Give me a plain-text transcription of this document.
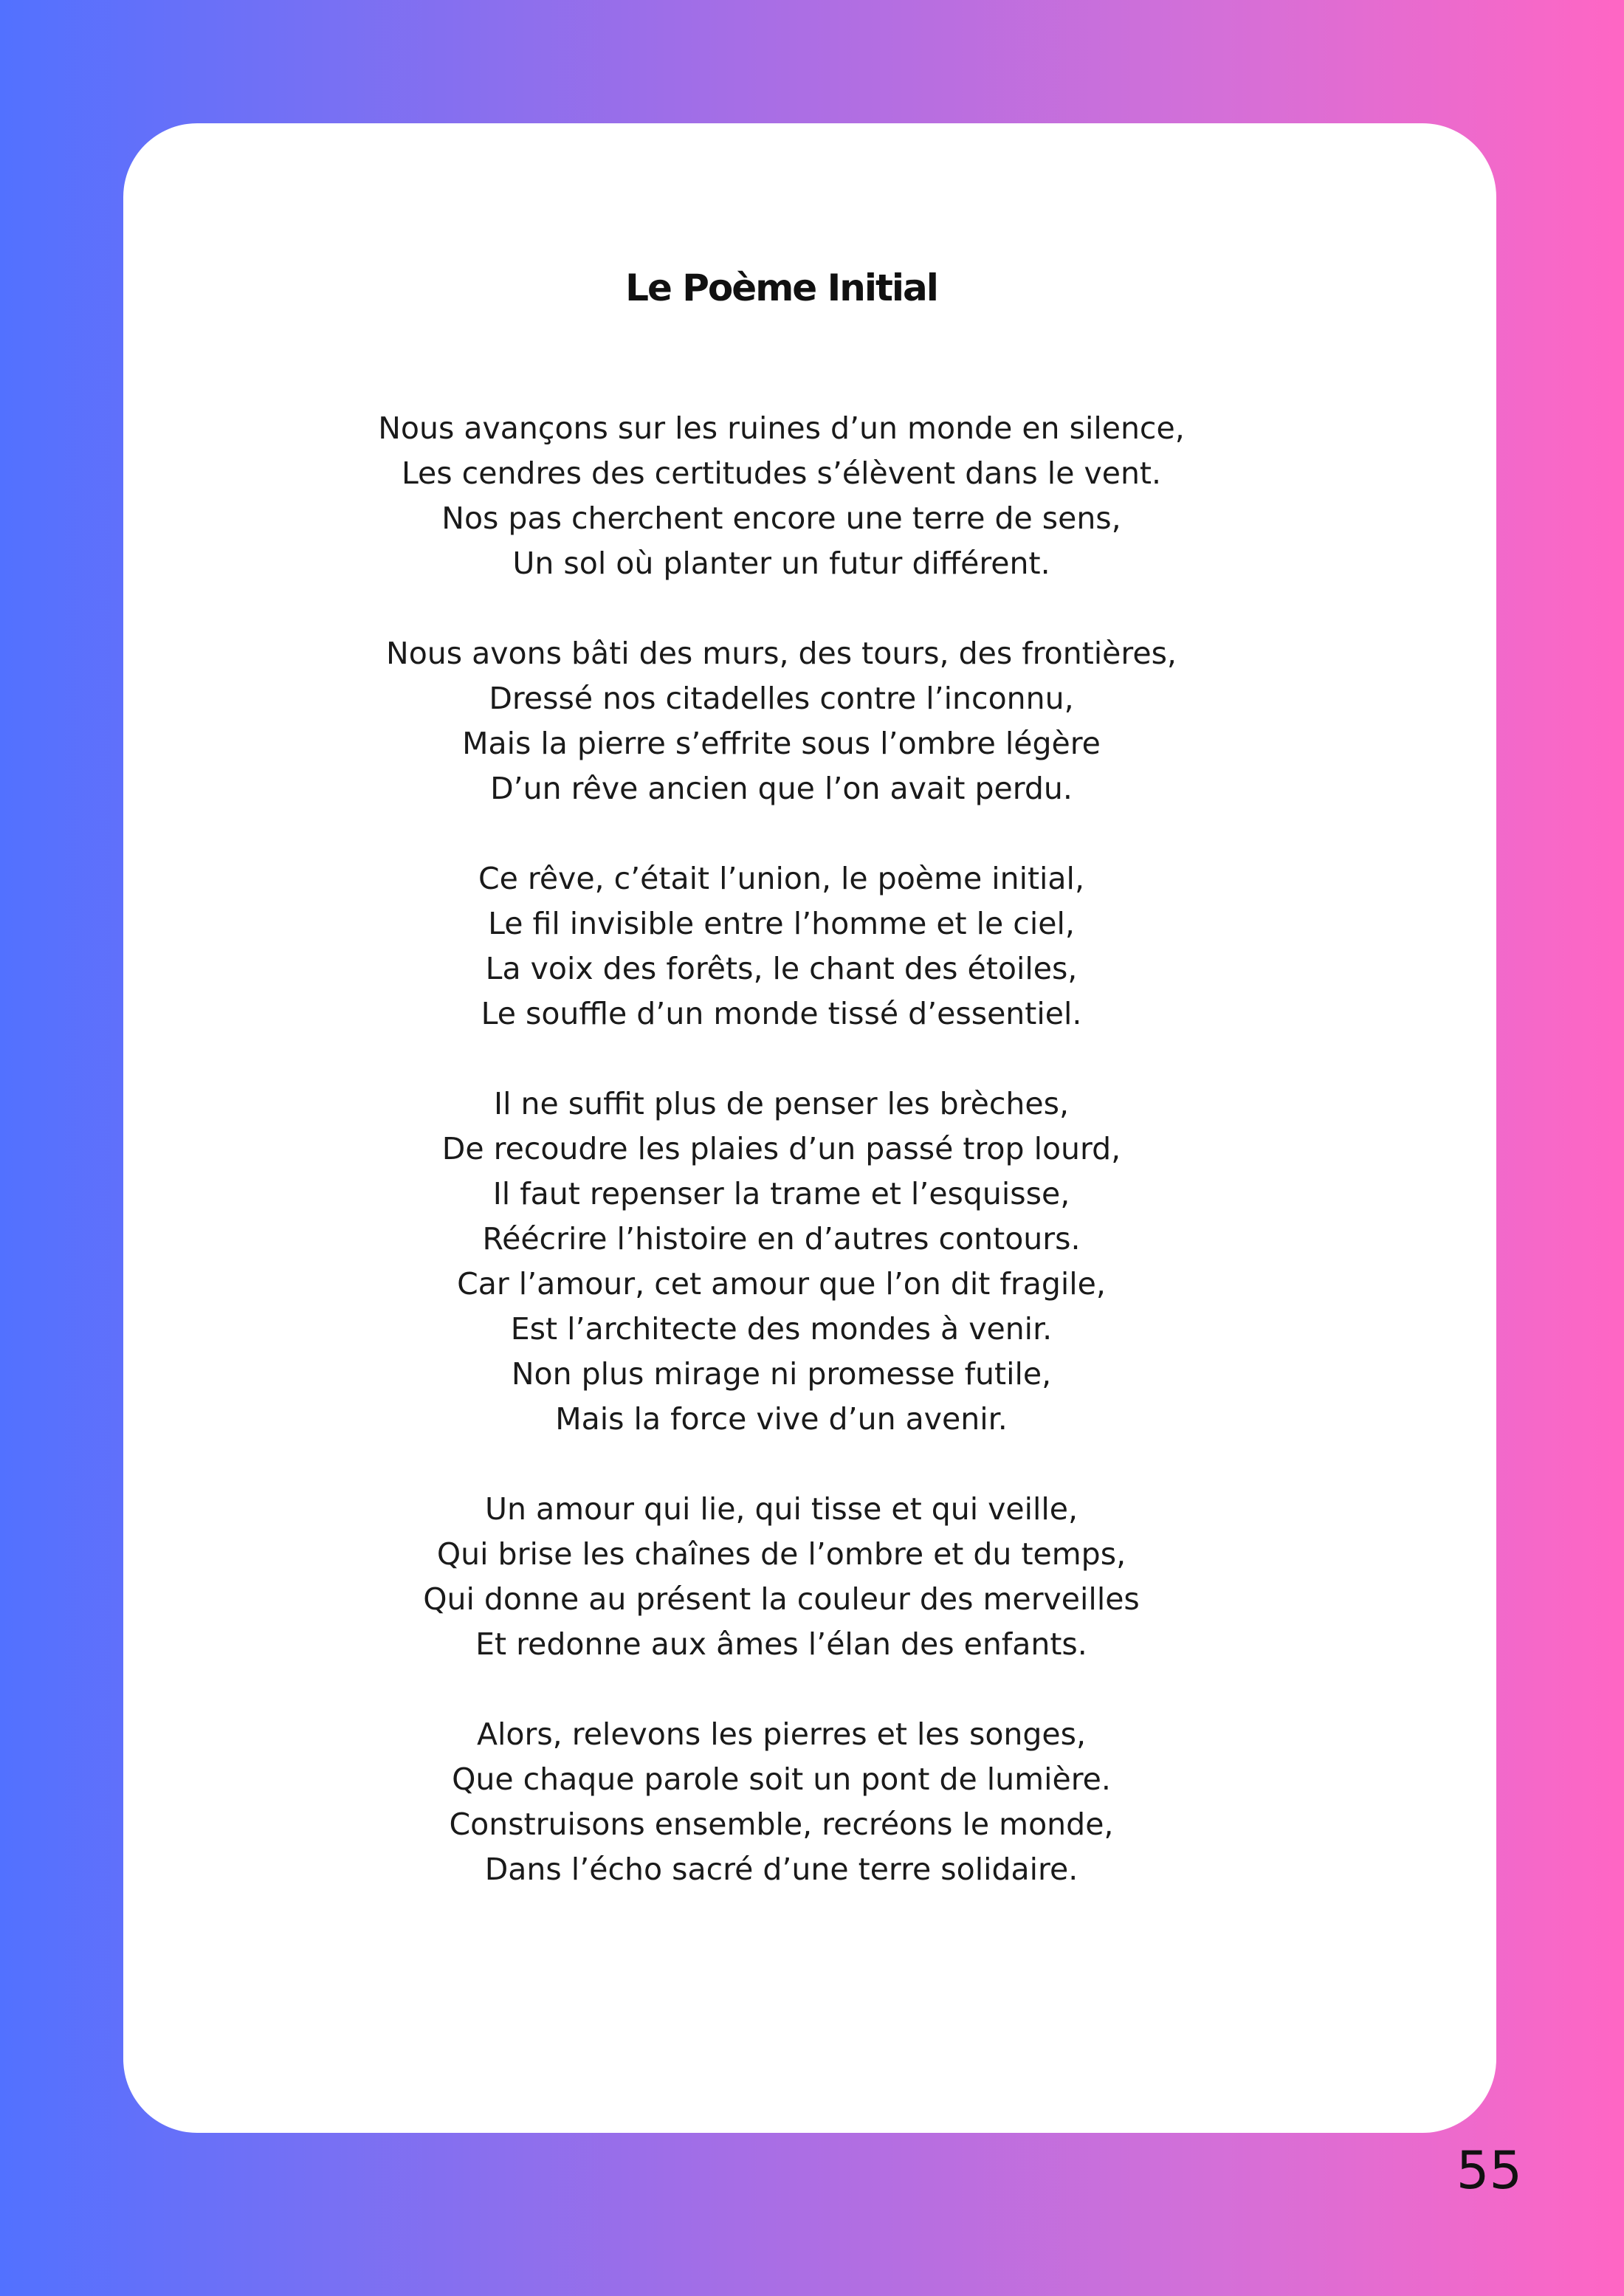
Le Poème Initial
Nous avançons sur les ruines d’un monde en silence,
Les cendres des certitudes s’élèvent dans le vent.
Nos pas cherchent encore une terre de sens,
Un sol où planter un futur différent.
Nous avons bâti des murs, des tours, des frontières,
Dressé nos citadelles contre l’inconnu,
Mais la pierre s’effrite sous l’ombre légère
D’un rêve ancien que l’on avait perdu.
Ce rêve, c’était l’union, le poème initial,
Le fil invisible entre l’homme et le ciel,
La voix des forêts, le chant des étoiles,
Le souffle d’un monde tissé d’essentiel.
Il ne suffit plus de penser les brèches,
De recoudre les plaies d’un passé trop lourd,
Il faut repenser la trame et l’esquisse,
Réécrire l’histoire en d’autres contours.
Car l’amour, cet amour que l’on dit fragile,
Est l’architecte des mondes à venir.
Non plus mirage ni promesse futile,
Mais la force vive d’un avenir.
Un amour qui lie, qui tisse et qui veille,
Qui brise les chaînes de l’ombre et du temps,
Qui donne au présent la couleur des merveilles
Et redonne aux âmes l’élan des enfants.
Alors, relevons les pierres et les songes,
Que chaque parole soit un pont de lumière.
Construisons ensemble, recréons le monde,
Dans l’écho sacré d’une terre solidaire.
55
